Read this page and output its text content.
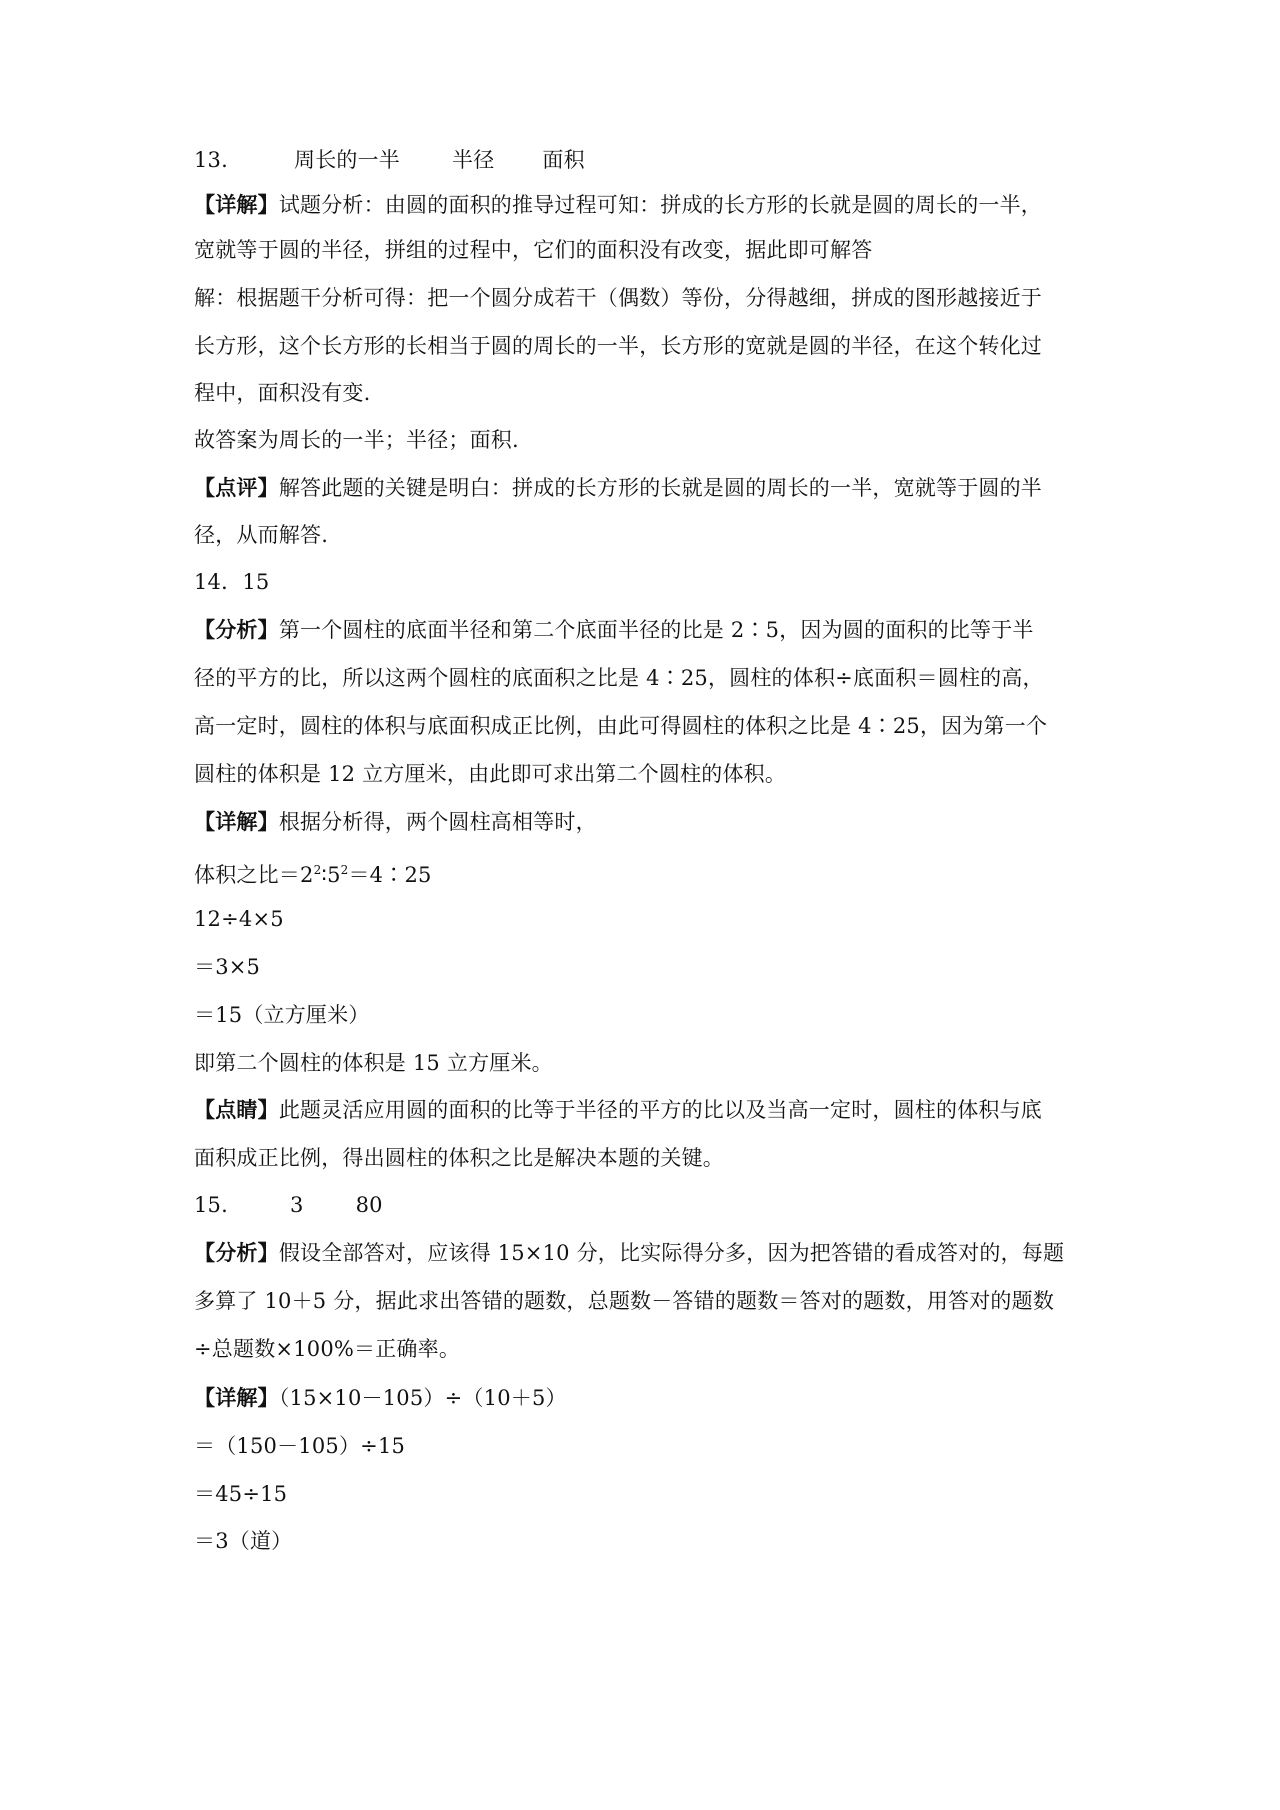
13.	周长的一半 半径 面积
【详解】试题分析：由圆的面积的推导过程可知：拼成的长方形的长就是圆的周长的一半，
宽就等于圆的半径，拼组的过程中，它们的面积没有改变，据此即可解答
解：根据题干分析可得：把一个圆分成若干（偶数）等份，分得越细，拼成的图形越接近于
长方形，这个长方形的长相当于圆的周长的一半，长方形的宽就是圆的半径，在这个转化过
程中，面积没有变.
故答案为周长的一半；半径；面积.
【点评】解答此题的关键是明白：拼成的长方形的长就是圆的周长的一半，宽就等于圆的半
径，从而解答.
14．15
【分析】第一个圆柱的底面半径和第二个底面半径的比是 2∶5，因为圆的面积的比等于半
径的平方的比，所以这两个圆柱的底面积之比是 4∶25，圆柱的体积÷底面积＝圆柱的高，
高一定时，圆柱的体积与底面积成正比例，由此可得圆柱的体积之比是 4∶25，因为第一个
圆柱的体积是 12 立方厘米，由此即可求出第二个圆柱的体积。
【详解】根据分析得，两个圆柱高相等时，
体积之比$=2^2∶5^2=4∶25$
12÷4×5
＝3×5
＝15（立方厘米）
即第二个圆柱的体积是 15 立方厘米。
【点睛】此题灵活应用圆的面积的比等于半径的平方的比以及当高一定时，圆柱的体积与底
面积成正比例，得出圆柱的体积之比是解决本题的关键。
15.	3 80
【分析】假设全部答对，应该得 15×10 分，比实际得分多，因为把答错的看成答对的，每题
多算了 10＋5 分，据此求出答错的题数，总题数－答错的题数＝答对的题数，用答对的题数
÷总题数×100%＝正确率。
【详解】（15×10－105）÷（10＋5）
＝（150－105）÷15
＝45÷15
＝3（道）
